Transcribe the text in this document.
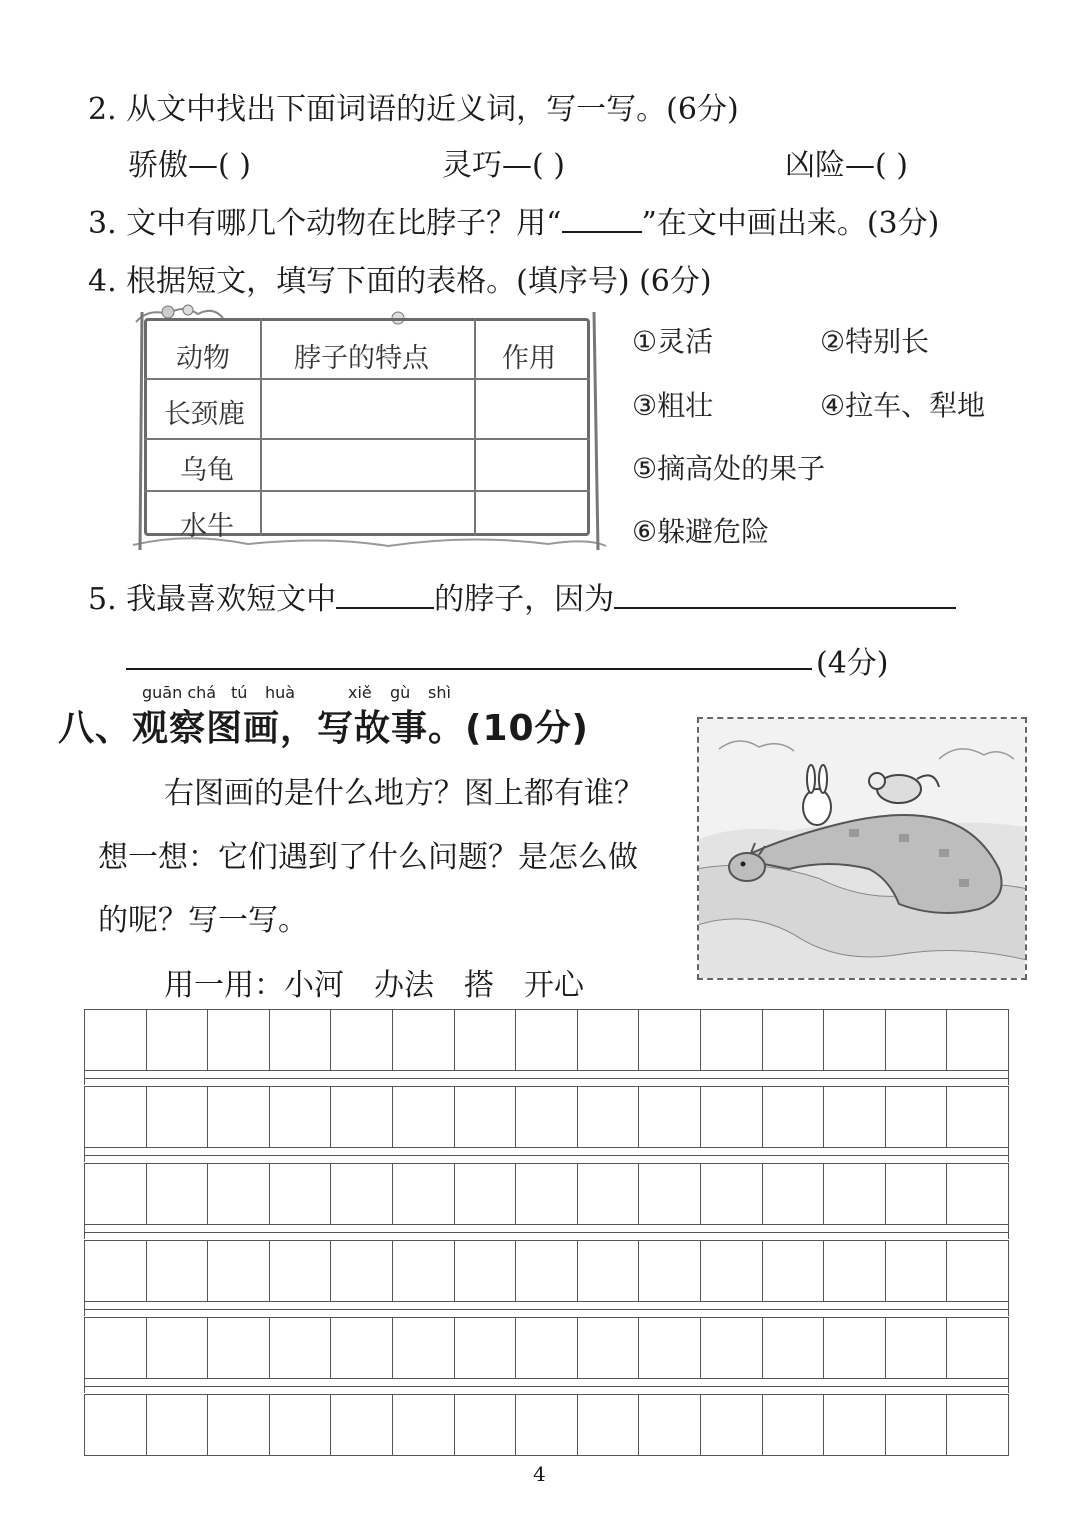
2. 从文中找出下面词语的近义词，写一写。(6分)
骄傲—( )	灵巧—( )	凶险—( )
3. 文中有哪几个动物在比脖子？用“	”在文中画出来。(3分)
4. 根据短文，填写下面的表格。(填序号) (6分)
动物 脖子的特点	作用
长颈鹿
乌龟
水牛
①灵活	②特别长
③粗壮	④拉车、犁地
⑤摘高处的果子
⑥躲避危险
5. 我最喜欢短文中	的脖子，因为
(4分)
guān chá tú huà	xiě gù shì
八、观察图画，写故事。(10分)
右图画的是什么地方？图上都有谁？
想一想：它们遇到了什么问题？是怎么做
的呢？写一写。
用一用：小河 办法 搭 开心
4
